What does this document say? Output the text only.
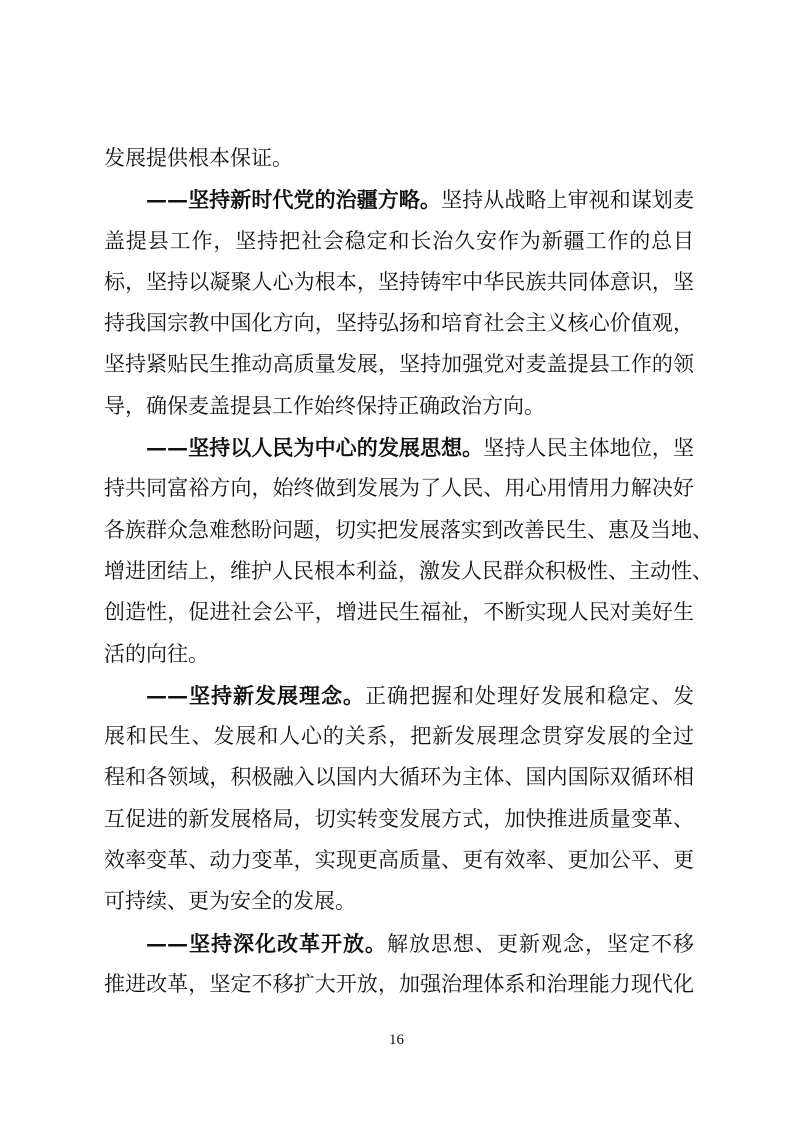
发展提供根本保证。
——坚持新时代党的治疆方略。坚持从战略上审视和谋划麦
盖提县工作，坚持把社会稳定和长治久安作为新疆工作的总目
标，坚持以凝聚人心为根本，坚持铸牢中华民族共同体意识，坚
持我国宗教中国化方向，坚持弘扬和培育社会主义核心价值观，
坚持紧贴民生推动高质量发展，坚持加强党对麦盖提县工作的领
导，确保麦盖提县工作始终保持正确政治方向。
——坚持以人民为中心的发展思想。坚持人民主体地位，坚
持共同富裕方向，始终做到发展为了人民、用心用情用力解决好
各族群众急难愁盼问题，切实把发展落实到改善民生、惠及当地、
增进团结上，维护人民根本利益，激发人民群众积极性、主动性、
创造性，促进社会公平，增进民生福祉，不断实现人民对美好生
活的向往。
——坚持新发展理念。正确把握和处理好发展和稳定、发
展和民生、发展和人心的关系，把新发展理念贯穿发展的全过
程和各领域，积极融入以国内大循环为主体、国内国际双循环相
互促进的新发展格局，切实转变发展方式，加快推进质量变革、
效率变革、动力变革，实现更高质量、更有效率、更加公平、更
可持续、更为安全的发展。
——坚持深化改革开放。解放思想、更新观念，坚定不移
推进改革，坚定不移扩大开放，加强治理体系和治理能力现代化
16
